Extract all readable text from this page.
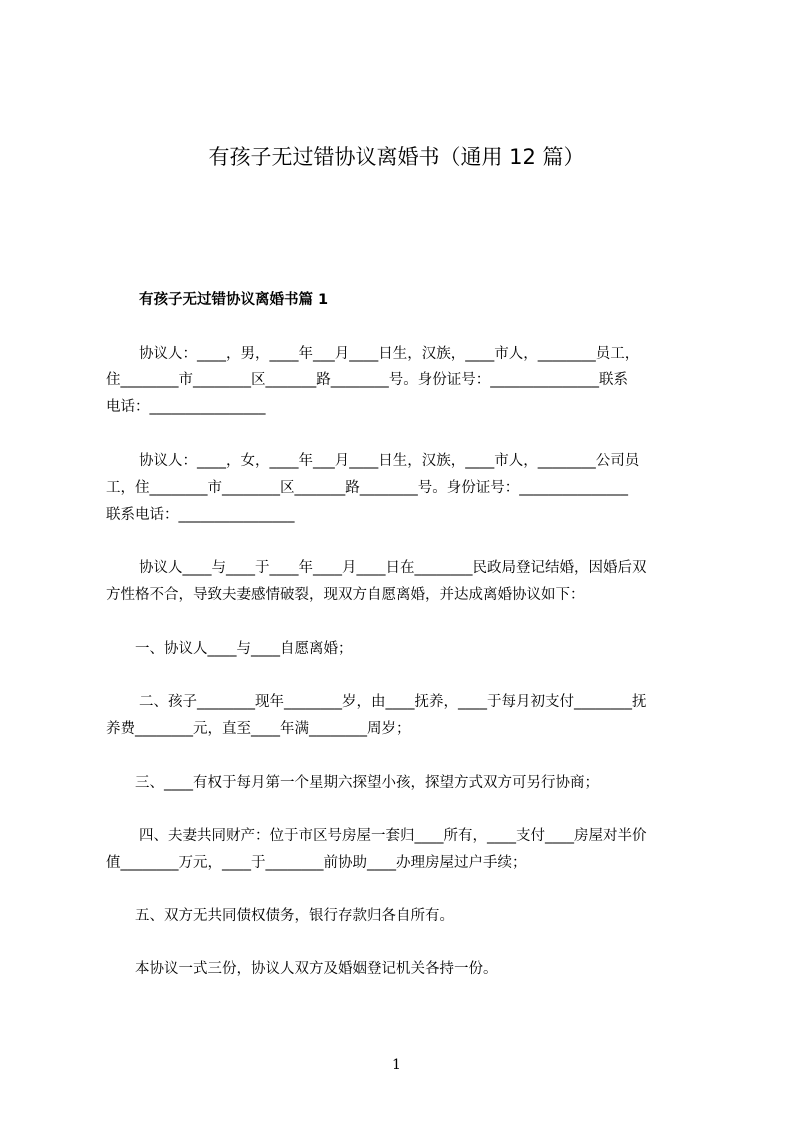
有孩子无过错协议离婚书（通用 12 篇）
有孩子无过错协议离婚书篇 1
协议人：____，男，____年___月____日生，汉族，____市人，________员工，
住________市________区_______路________号。身份证号：_______________联系
电话：________________
协议人：____，女，____年___月____日生，汉族，____市人，________公司员
工，住________市________区_______路________号。身份证号：_______________
联系电话：________________
协议人____与____于____年____月____日在________民政局登记结婚，因婚后双
方性格不合，导致夫妻感情破裂，现双方自愿离婚，并达成离婚协议如下：
一、协议人____与____自愿离婚；
二、孩子________现年________岁，由____抚养，____于每月初支付________抚
养费________元，直至____年满________周岁；
三、____有权于每月第一个星期六探望小孩，探望方式双方可另行协商；
四、夫妻共同财产：位于市区号房屋一套归____所有，____支付____房屋对半价
值________万元，____于________前协助____办理房屋过户手续；
五、双方无共同债权债务，银行存款归各自所有。
本协议一式三份，协议人双方及婚姻登记机关各持一份。
1
